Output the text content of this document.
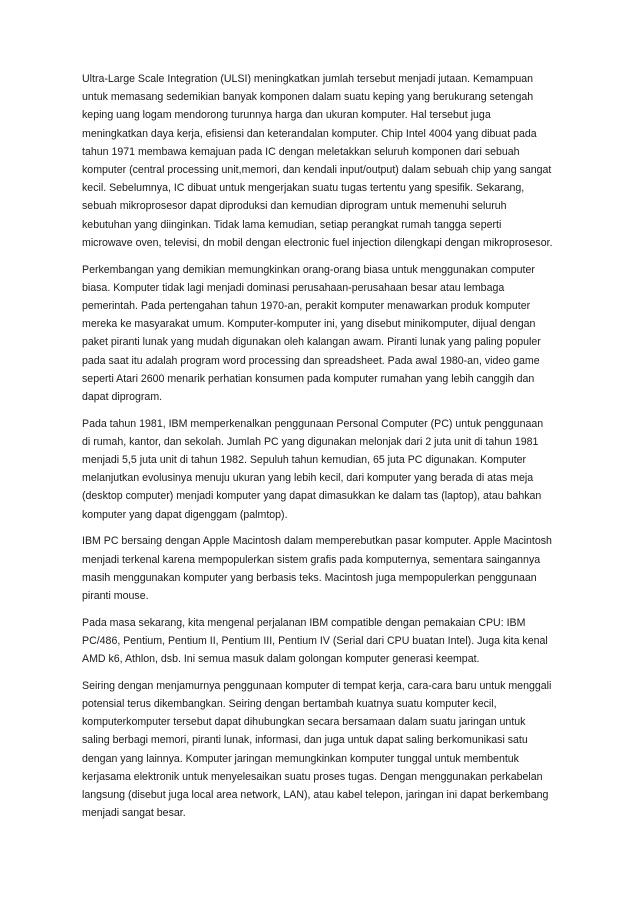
Ultra-Large Scale Integration (ULSI) meningkatkan jumlah tersebut menjadi jutaan. Kemampuan untuk memasang sedemikian banyak komponen dalam suatu keping yang berukurang setengah keping uang logam mendorong turunnya harga dan ukuran komputer. Hal tersebut juga meningkatkan daya kerja, efisiensi dan keterandalan komputer. Chip Intel 4004 yang dibuat pada tahun 1971 membawa kemajuan pada IC dengan meletakkan seluruh komponen dari sebuah komputer (central processing unit,memori, dan kendali input/output) dalam sebuah chip yang sangat kecil. Sebelumnya, IC dibuat untuk mengerjakan suatu tugas tertentu yang spesifik. Sekarang, sebuah mikroprosesor dapat diproduksi dan kemudian diprogram untuk memenuhi seluruh kebutuhan yang diinginkan. Tidak lama kemudian, setiap perangkat rumah tangga seperti microwave oven, televisi, dn mobil dengan electronic fuel injection dilengkapi dengan mikroprosesor.

Perkembangan yang demikian memungkinkan orang-orang biasa untuk menggunakan computer biasa. Komputer tidak lagi menjadi dominasi perusahaan-perusahaan besar atau lembaga pemerintah. Pada pertengahan tahun 1970-an, perakit komputer menawarkan produk komputer mereka ke masyarakat umum. Komputer-komputer ini, yang disebut minikomputer, dijual dengan paket piranti lunak yang mudah digunakan oleh kalangan awam. Piranti lunak yang paling populer pada saat itu adalah program word processing dan spreadsheet. Pada awal 1980-an, video game seperti Atari 2600 menarik perhatian konsumen pada komputer rumahan yang lebih canggih dan dapat diprogram.

Pada tahun 1981, IBM memperkenalkan penggunaan Personal Computer (PC) untuk penggunaan di rumah, kantor, dan sekolah. Jumlah PC yang digunakan melonjak dari 2 juta unit di tahun 1981 menjadi 5,5 juta unit di tahun 1982. Sepuluh tahun kemudian, 65 juta PC digunakan. Komputer melanjutkan evolusinya menuju ukuran yang lebih kecil, dari komputer yang berada di atas meja (desktop computer) menjadi komputer yang dapat dimasukkan ke dalam tas (laptop), atau bahkan komputer yang dapat digenggam (palmtop).

IBM PC bersaing dengan Apple Macintosh dalam memperebutkan pasar komputer. Apple Macintosh menjadi terkenal karena mempopulerkan sistem grafis pada komputernya, sementara saingannya masih menggunakan komputer yang berbasis teks. Macintosh juga mempopulerkan penggunaan piranti mouse.

Pada masa sekarang, kita mengenal perjalanan IBM compatible dengan pemakaian CPU: IBM PC/486, Pentium, Pentium II, Pentium III, Pentium IV (Serial dari CPU buatan Intel). Juga kita kenal AMD k6, Athlon, dsb. Ini semua masuk dalam golongan komputer generasi keempat.

Seiring dengan menjamurnya penggunaan komputer di tempat kerja, cara-cara baru untuk menggali potensial terus dikembangkan. Seiring dengan bertambah kuatnya suatu komputer kecil, komputerkomputer tersebut dapat dihubungkan secara bersamaan dalam suatu jaringan untuk saling berbagi memori, piranti lunak, informasi, dan juga untuk dapat saling berkomunikasi satu dengan yang lainnya. Komputer jaringan memungkinkan komputer tunggal untuk membentuk kerjasama elektronik untuk menyelesaikan suatu proses tugas. Dengan menggunakan perkabelan langsung (disebut juga local area network, LAN), atau kabel telepon, jaringan ini dapat berkembang menjadi sangat besar.
